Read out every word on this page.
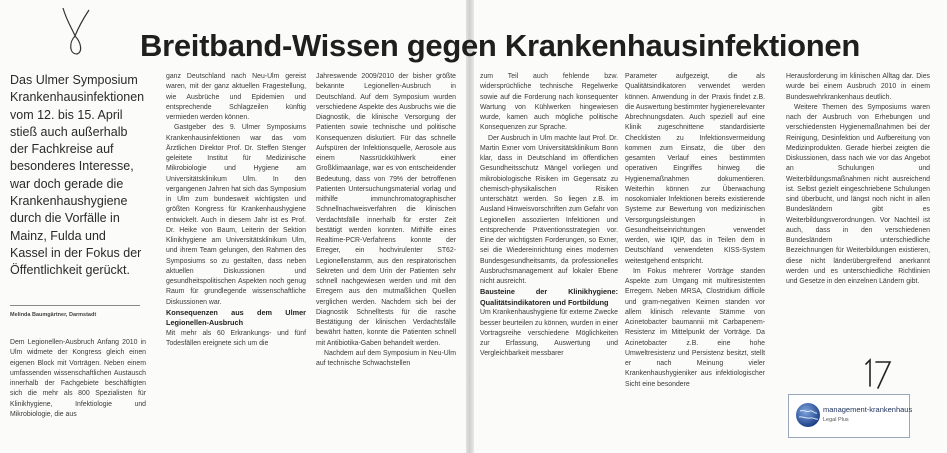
Breitband-Wissen gegen Krankenhausinfektionen
Das Ulmer Symposium Krankenhausinfektionen vom 12. bis 15. April stieß auch außerhalb der Fachkreise auf besonderes Interesse, war doch gerade die Krankenhaushygiene durch die Vorfälle in Mainz, Fulda und Kassel in der Fokus der Öffentlichkeit gerückt.
Melinda Baumgärtner, Darmstadt

Dem Legionellen-Ausbruch Anfang 2010 in Ulm widmete der Kongress gleich einen eigenen Block mit Vorträgen. Neben einem umfassenden wissenschaftlichen Austausch innerhalb der Fachgebiete beschäftigten sich die mehr als 800 Spezialisten für Klinikhygiene, Infektiologie und Mikrobiologie, die aus

ganz Deutschland nach Neu-Ulm gereist waren, mit der ganz aktuellen Fragestellung, wie Ausbrüche und Epidemien und entsprechende Schlagzeilen künftig vermieden werden können.

Gastgeber des 9. Ulmer Symposiums Krankenhausinfektionen war das vom Ärztlichen Direktor Prof. Dr. Steffen Stenger geleitete Institut für Medizinische Mikrobiologie und Hygiene am Universitätsklinikum Ulm. In den vergangenen Jahren hat sich das Symposium in Ulm zum bundesweit wichtigsten und größten Kongress für Krankenhaushygiene entwickelt. Auch in diesem Jahr ist es Prof. Dr. Heike von Baum, Leiterin der Sektion Klinikhygiene am Universitätsklinikum Ulm, und ihrem Team gelungen, den Rahmen des Symposiums so zu gestalten, dass neben aktuellen Diskussionen und gesundheitspolitischen Aspekten noch genug Raum für grundlegende wissenschaftliche Diskussionen war.

Konsequenzen aus dem Ulmer Legionellen-Ausbruch

Mit mehr als 60 Erkrankungs- und fünf Todesfällen ereignete sich um die

Jahreswende 2009/2010 der bisher größte bekannte Legionellen-Ausbruch in Deutschland. Auf dem Symposium wurden verschiedene Aspekte des Ausbruchs wie die Diagnostik, die klinische Versorgung der Patienten sowie technische und politische Konsequenzen diskutiert. Für das schnelle Aufspüren der Infektionsquelle, Aerosole aus einem Nassrückkühlwerk einer Großklimaanlage, war es von entscheidender Bedeutung, dass von 79% der betroffenen Patienten Untersuchungsmaterial vorlag und mithilfe immunchromatographischer Schnellnachweisverfahren die klinischen Verdachtsfälle innerhalb für erster Zeit bestätigt werden konnten. Mithilfe eines Realtime-PCR-Verfahrens konnte der Erreger, ein hochvirulenter ST62-Legionellenstamm, aus den respiratorischen Sekreten und dem Urin der Patienten sehr schnell nachgewiesen werden und mit den Erregern aus den mutmaßlichen Quellen verglichen werden. Nachdem sich bei der Diagnostik Schnelltests für die rasche Bestätigung der klinischen Verdachtsfälle bewährt hatten, konnte die Patienten schnell mit Antibiotika-Gaben behandelt werden.

Nachdem auf dem Symposium in Neu-Ulm auf technische Schwachstellen

zum Teil auch fehlende bzw. widersprüchliche technische Regelwerke sowie auf die Forderung nach konsequenter Wartung von Kühlwerken hingewiesen wurde, kamen auch mögliche politische Konsequenzen zur Sprache.

Der Ausbruch in Ulm machte laut Prof. Dr. Martin Exner vom Universitätsklinikum Bonn klar, dass in Deutschland im öffentlichen Gesundheitsschutz Mängel vorliegen und mikrobiologische Risiken im Gegensatz zu chemisch-physikalischen Risiken unterschätzt werden. So liegen z.B. im Ausland Hinweisvorschriften zum Gefahr von Legionellen assoziierten Infektionen und entsprechende Präventionsstrategien vor. Eine der wichtigsten Forderungen, so Exner, sei die Wiedereinrichtung eines modernen Bundesgesundheitsamts, da professionelles Ausbruchsmanagement auf lokaler Ebene nicht ausreicht.

Bausteine der Klinikhygiene: Qualitätsindikatoren und Fortbildung

Um Krankenhaushygiene für externe Zwecke besser beurteilen zu können, wurden in einer Vortragsreihe verschiedene Möglichkeiten zur Erfassung, Auswertung und Vergleichbarkeit messbarer

Parameter aufgezeigt, die als Qualitätsindikatoren verwendet werden können. Anwendung in der Praxis findet z.B. die Auswertung bestimmter hygienerelevanter Abrechnungsdaten. Auch speziell auf eine Klinik zugeschnittene standardisierte Checklisten zu Infektionsvermeidung kommen zum Einsatz, die über den gesamten Verlauf eines bestimmten operativen Eingriffes hinweg die Hygienemaßnahmen dokumentieren. Weiterhin können zur Überwachung nosokomialer Infektionen bereits existierende Systeme zur Bewertung von medizinischen Versorgungsleistungen in Gesundheitseinrichtungen verwendet werden, wie IQIP, das in Teilen dem in Deutschland verwendeten KISS-System weitestgehend entspricht.

Im Fokus mehrerer Vorträge standen Aspekte zum Umgang mit multiresistenten Erregern. Neben MRSA, Clostridium difficile und gram-negativen Keimen standen vor allem klinisch relevante Stämme von Acinetobacter baumannii mit Carbapenem-Resistenz im Mittelpunkt der Vorträge. Da Acinetobacter z.B. eine hohe Umweltresistenz und Persistenz besitzt, stellt er nach Meinung vieler Krankenhaushygieniker aus infektiologischer Sicht eine besondere

Herausforderung im klinischen Alltag dar. Dies wurde bei einem Ausbruch 2010 in einem Bundeswehrkrankenhaus deutlich.

Weitere Themen des Symposiums waren nach der Ausbruch von Erhebungen und verschiedensten Hygienemaßnahmen bei der Reinigung, Desinfektion und Aufbereitung von Medizinprodukten. Gerade hierbei zeigten die Diskussionen, dass nach wie vor das Angebot an Schulungen und Weiterbildungsmaßnahmen nicht ausreichend ist. Selbst gezielt eingeschriebene Schulungen sind überbucht, und längst noch nicht in allen Bundesländern gibt es Weiterbildungsverordnungen. Vor Nachteil ist auch, dass in den verschiedenen Bundesländern unterschiedliche Bezeichnungen für Weiterbildungen existieren, diese nicht länderübergreifend anerkannt werden und es unterschiedliche Richtlinien und Gesetze in den einzelnen Ländern gibt.

management-krankenhaus
Legal Plus
